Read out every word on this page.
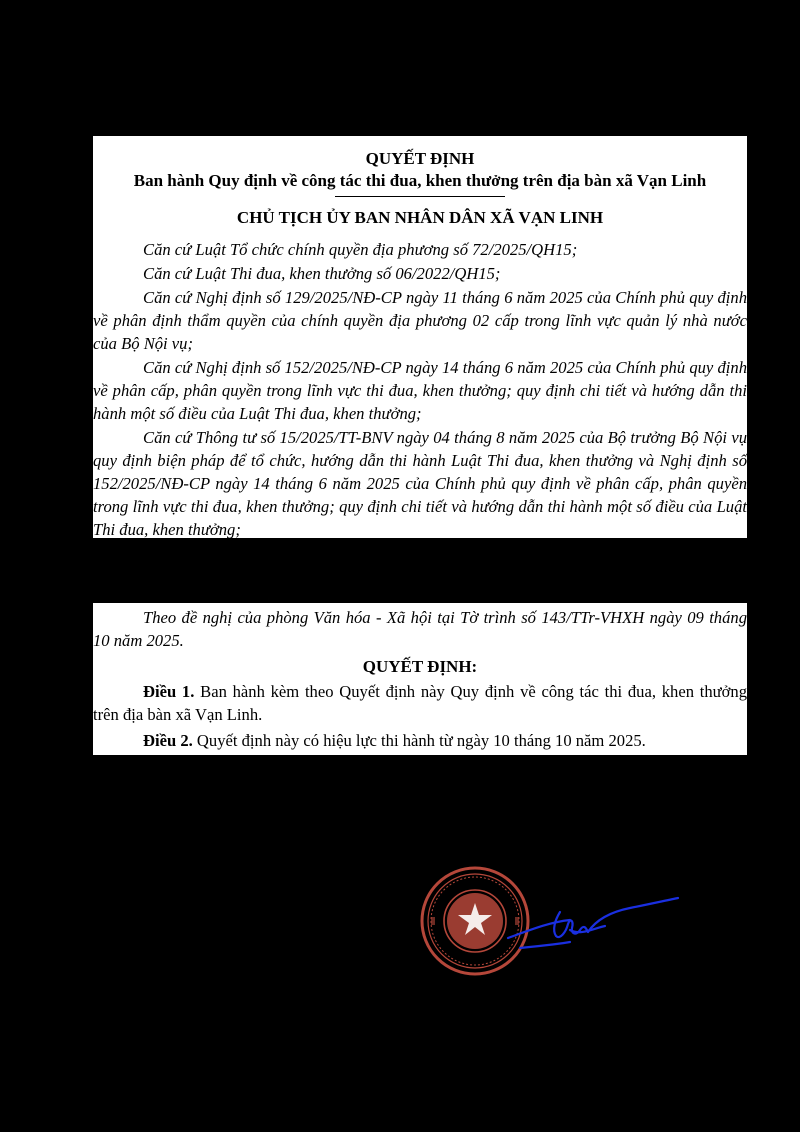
QUYẾT ĐỊNH
Ban hành Quy định về công tác thi đua, khen thưởng trên địa bàn xã Vạn Linh
CHỦ TỊCH ỦY BAN NHÂN DÂN XÃ VẠN LINH

Căn cứ Luật Tổ chức chính quyền địa phương số 72/2025/QH15;

Căn cứ Luật Thi đua, khen thưởng số 06/2022/QH15;

Căn cứ Nghị định số 129/2025/NĐ-CP ngày 11 tháng 6 năm 2025 của Chính phủ quy định về phân định thẩm quyền của chính quyền địa phương 02 cấp trong lĩnh vực quản lý nhà nước của Bộ Nội vụ;

Căn cứ Nghị định số 152/2025/NĐ-CP ngày 14 tháng 6 năm 2025 của Chính phủ quy định về phân cấp, phân quyền trong lĩnh vực thi đua, khen thưởng; quy định chi tiết và hướng dẫn thi hành một số điều của Luật Thi đua, khen thưởng;

Căn cứ Thông tư số 15/2025/TT-BNV ngày 04 tháng 8 năm 2025 của Bộ trưởng Bộ Nội vụ quy định biện pháp để tổ chức, hướng dẫn thi hành Luật Thi đua, khen thưởng và Nghị định số 152/2025/NĐ-CP ngày 14 tháng 6 năm 2025 của Chính phủ quy định về phân cấp, phân quyền trong lĩnh vực thi đua, khen thưởng; quy định chi tiết và hướng dẫn thi hành một số điều của Luật Thi đua, khen thưởng;

Theo đề nghị của phòng Văn hóa - Xã hội tại Tờ trình số 143/TTr-VHXH ngày 09 tháng 10 năm 2025.

QUYẾT ĐỊNH:

Điều 1. Ban hành kèm theo Quyết định này Quy định về công tác thi đua, khen thưởng trên địa bàn xã Vạn Linh.

Điều 2. Quyết định này có hiệu lực thi hành từ ngày 10 tháng 10 năm 2025.
